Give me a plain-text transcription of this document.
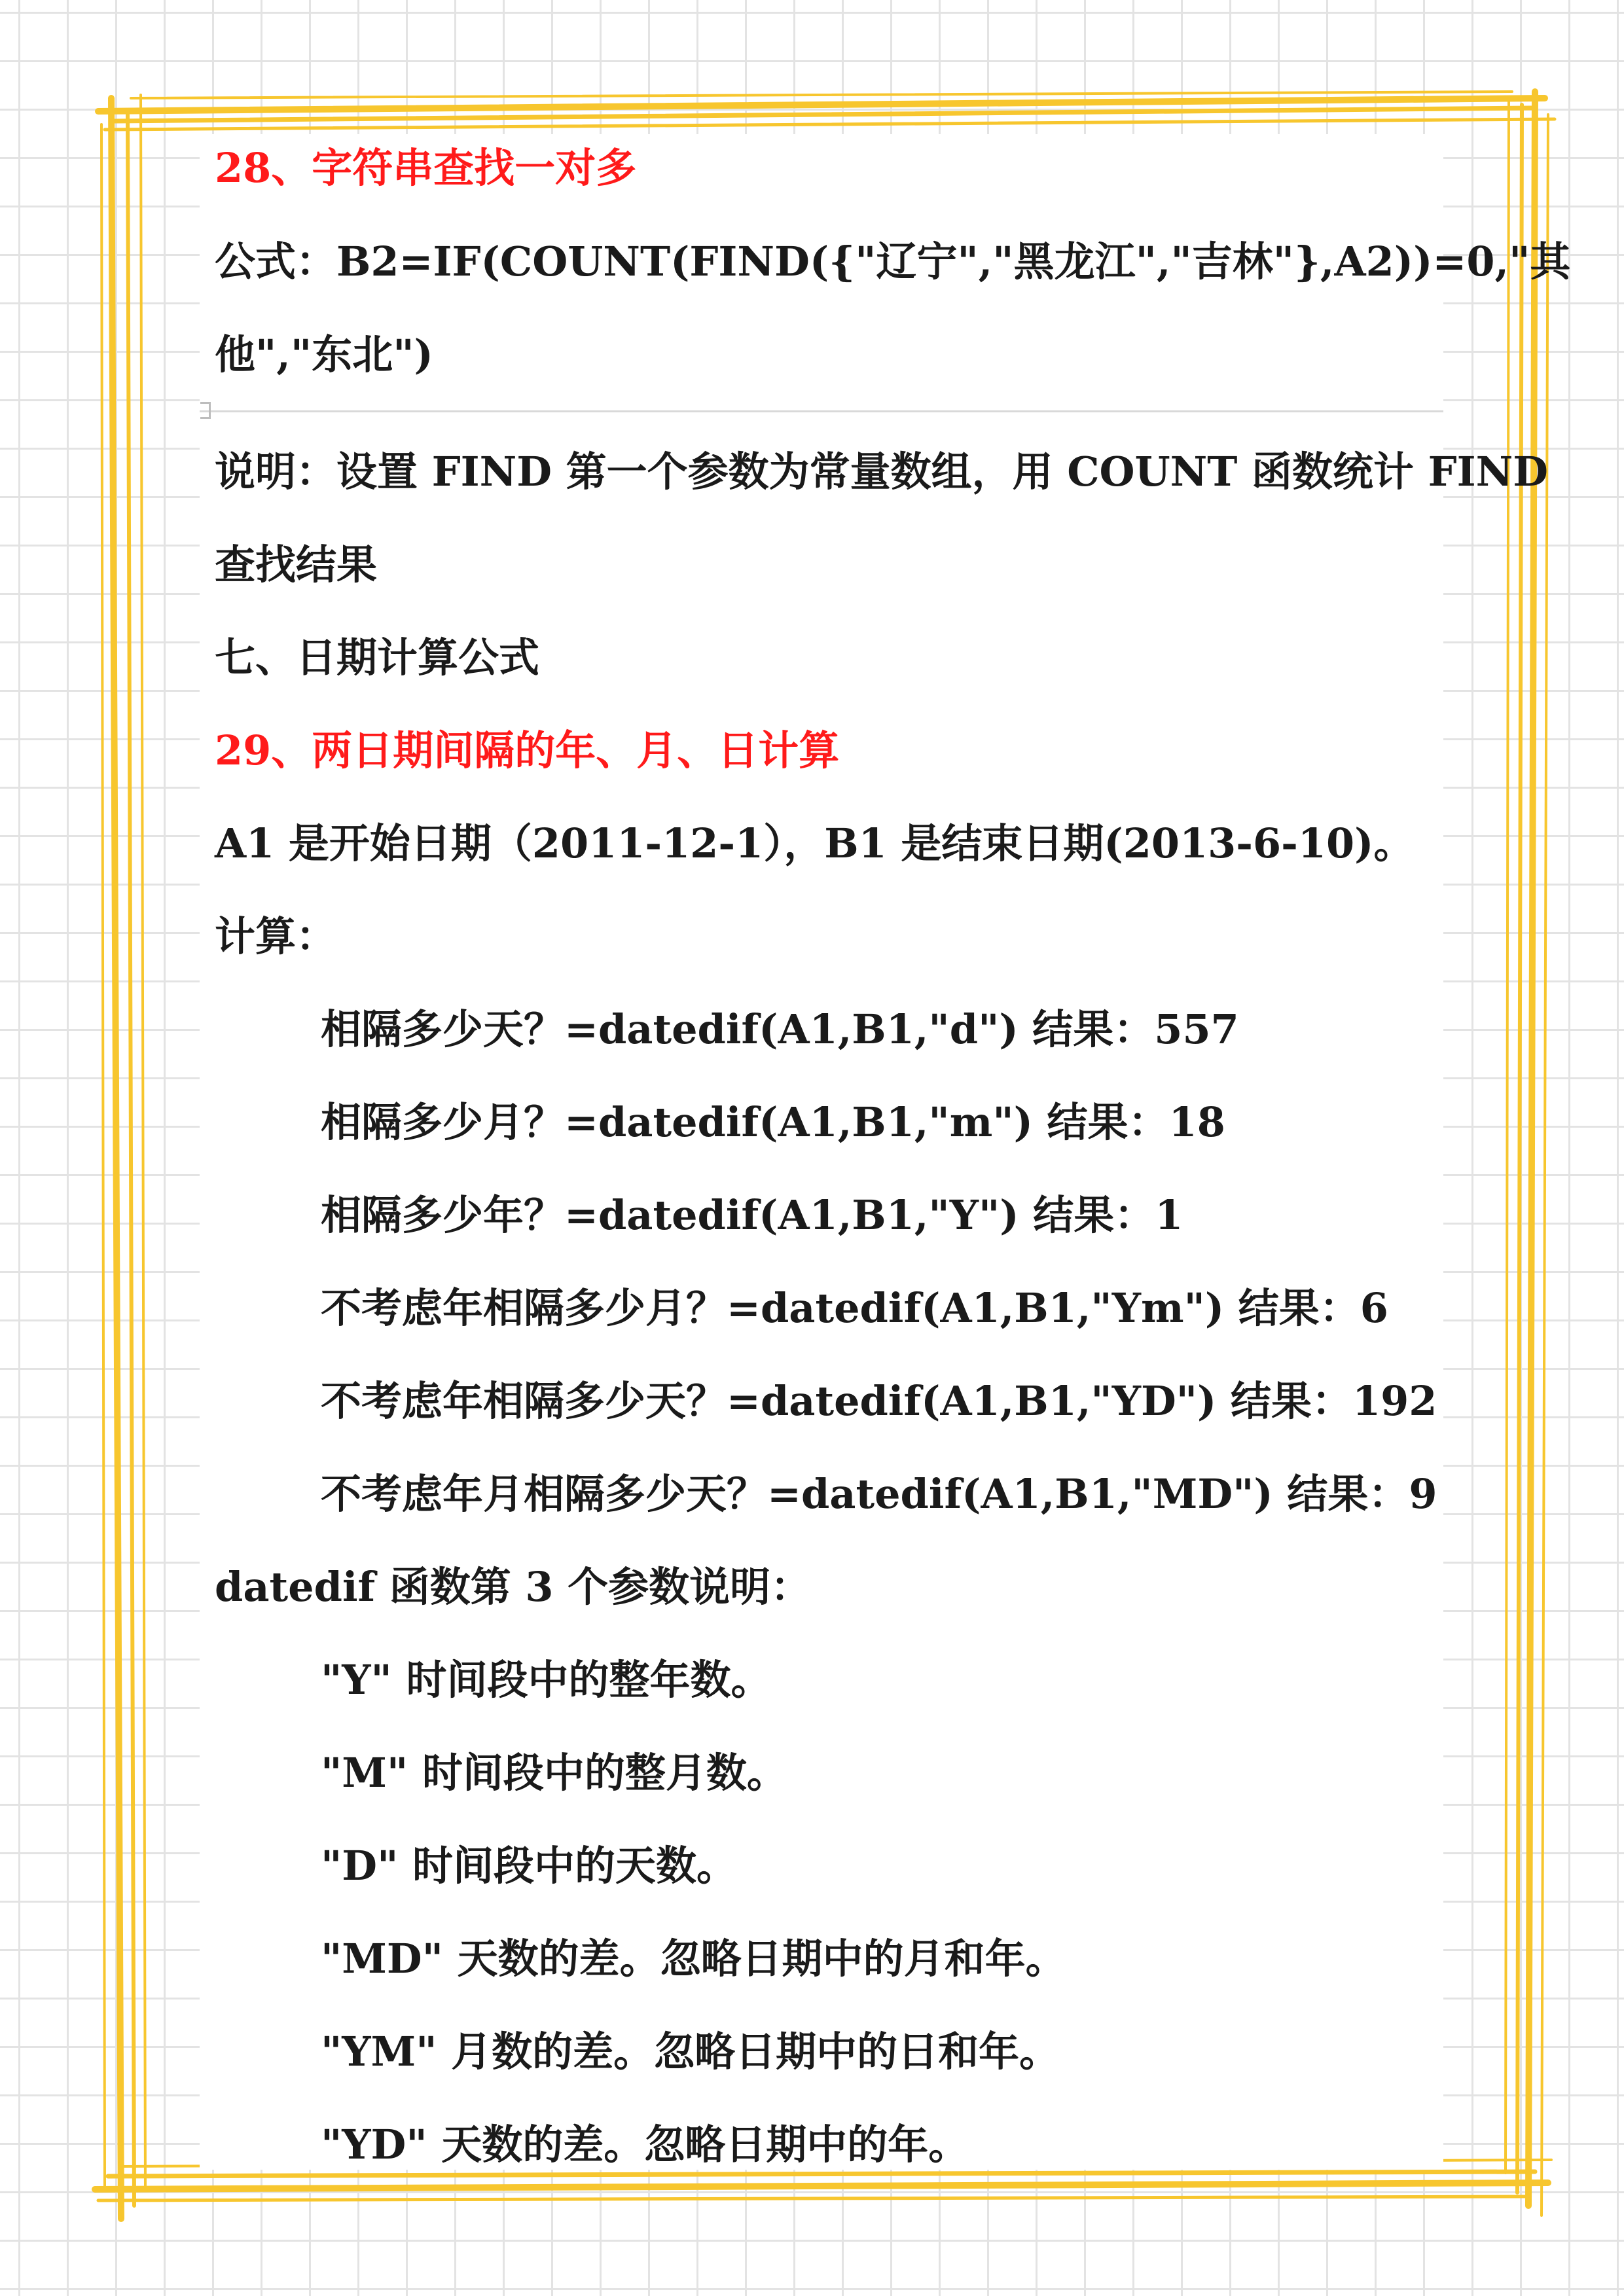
28、字符串查找一对多

公式：B2=IF(COUNT(FIND({"辽宁","黑龙江","吉林"},A2))=0,"其

他","东北")

说明：设置 FIND 第一个参数为常量数组，用 COUNT 函数统计 FIND

查找结果

七、日期计算公式

29、两日期间隔的年、月、日计算

A1 是开始日期（2011-12-1），B1 是结束日期(2013-6-10)。

计算：

相隔多少天？=datedif(A1,B1,"d") 结果：557

相隔多少月？=datedif(A1,B1,"m") 结果：18

相隔多少年？=datedif(A1,B1,"Y") 结果：1

不考虑年相隔多少月？=datedif(A1,B1,"Ym") 结果：6

不考虑年相隔多少天？=datedif(A1,B1,"YD") 结果：192

不考虑年月相隔多少天？=datedif(A1,B1,"MD") 结果：9

datedif 函数第 3 个参数说明：

"Y" 时间段中的整年数。

"M" 时间段中的整月数。

"D" 时间段中的天数。

"MD" 天数的差。忽略日期中的月和年。

"YM" 月数的差。忽略日期中的日和年。

"YD" 天数的差。忽略日期中的年。
